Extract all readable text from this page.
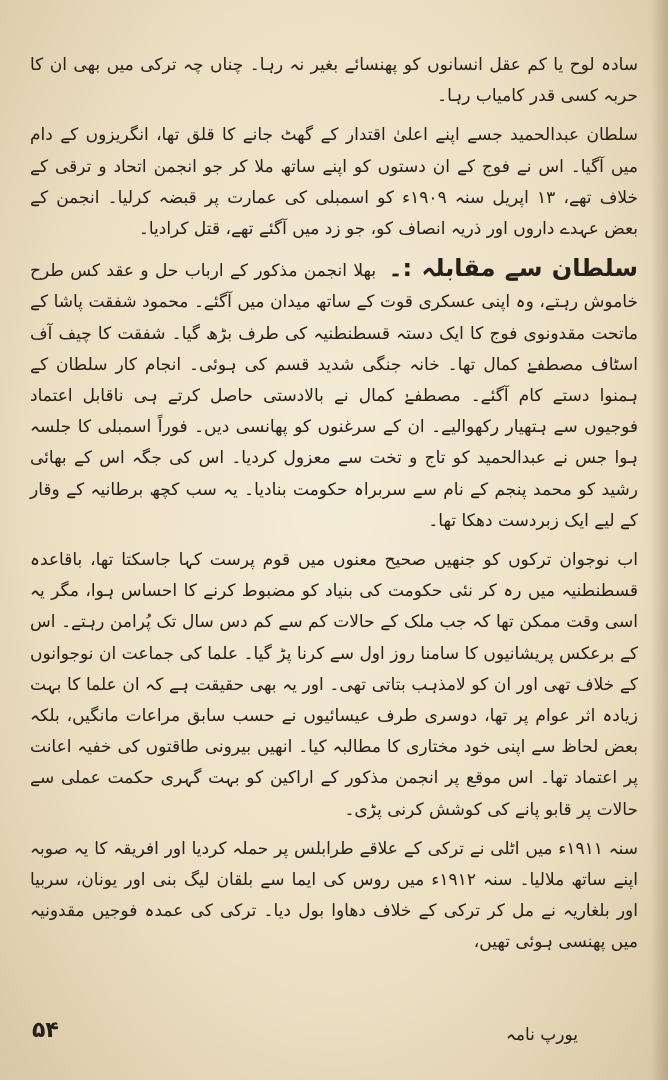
سادہ لوح یا کم عقل انسانوں کو پھنسائے بغیر نہ رہا۔ چناں چہ ترکی میں بھی ان کا حربہ کسی قدر کامیاب رہا۔

سلطان عبدالحمید جسے اپنے اعلیٰ اقتدار کے گھٹ جانے کا قلق تھا، انگریزوں کے دام میں آگیا۔ اس نے فوج کے ان دستوں کو اپنے ساتھ ملا کر جو انجمن اتحاد و ترقی کے خلاف تھے، ۱۳ اپریل سنہ ۱۹۰۹ء کو اسمبلی کی عمارت پر قبضہ کرلیا۔ انجمن کے بعض عہدے داروں اور ذریہ انصاف کو، جو زد میں آگئے تھے، قتل کرادیا۔

سلطان سے مقابلہ :۔ بھلا انجمن مذکور کے ارباب حل و عقد کس طرح خاموش رہتے، وہ اپنی عسکری قوت کے ساتھ میدان میں آگئے۔ محمود شفقت پاشا کے ماتحت مقدونوی فوج کا ایک دستہ قسطنطنیہ کی طرف بڑھ گیا۔ شفقت کا چیف آف اسٹاف مصطفےٰ کمال تھا۔ خانہ جنگی شدید قسم کی ہوئی۔ انجام کار سلطان کے ہمنوا دستے کام آگئے۔ مصطفےٰ کمال نے بالادستی حاصل کرتے ہی ناقابل اعتماد فوجیوں سے ہتھیار رکھوالیے۔ ان کے سرغنوں کو پھانسی دیں۔ فوراً اسمبلی کا جلسہ ہوا جس نے عبدالحمید کو تاج و تخت سے معزول کردیا۔ اس کی جگہ اس کے بھائی رشید کو محمد پنجم کے نام سے سربراہ حکومت بنادیا۔ یہ سب کچھ برطانیہ کے وقار کے لیے ایک زبردست دھکا تھا۔

اب نوجوان ترکوں کو جنھیں صحیح معنوں میں قوم پرست کہا جاسکتا تھا، باقاعدہ قسطنطنیہ میں رہ کر نئی حکومت کی بنیاد کو مضبوط کرنے کا احساس ہوا، مگر یہ اسی وقت ممکن تھا کہ جب ملک کے حالات کم سے کم دس سال تک پُرامن رہتے۔ اس کے برعکس پریشانیوں کا سامنا روز اول سے کرنا پڑ گیا۔ علما کی جماعت ان نوجوانوں کے خلاف تھی اور ان کو لامذہب بتاتی تھی۔ اور یہ بھی حقیقت ہے کہ ان علما کا بہت زیادہ اثر عوام پر تھا، دوسری طرف عیسائیوں نے حسب سابق مراعات مانگیں، بلکہ بعض لحاظ سے اپنی خود مختاری کا مطالبہ کیا۔ انھیں بیرونی طاقتوں کی خفیہ اعانت پر اعتماد تھا۔ اس موقع پر انجمن مذکور کے اراکین کو بہت گہری حکمت عملی سے حالات پر قابو پانے کی کوشش کرنی پڑی۔

سنہ ۱۹۱۱ء میں اٹلی نے ترکی کے علاقے طرابلس پر حملہ کردیا اور افریقہ کا یہ صوبہ اپنے ساتھ ملالیا۔ سنہ ۱۹۱۲ء میں روس کی ایما سے بلقان لیگ بنی اور یونان، سربیا اور بلغاریہ نے مل کر ترکی کے خلاف دھاوا بول دیا۔ ترکی کی عمدہ فوجیں مقدونیہ میں پھنسی ہوئی تھیں،

۵۴	یورپ نامہ
